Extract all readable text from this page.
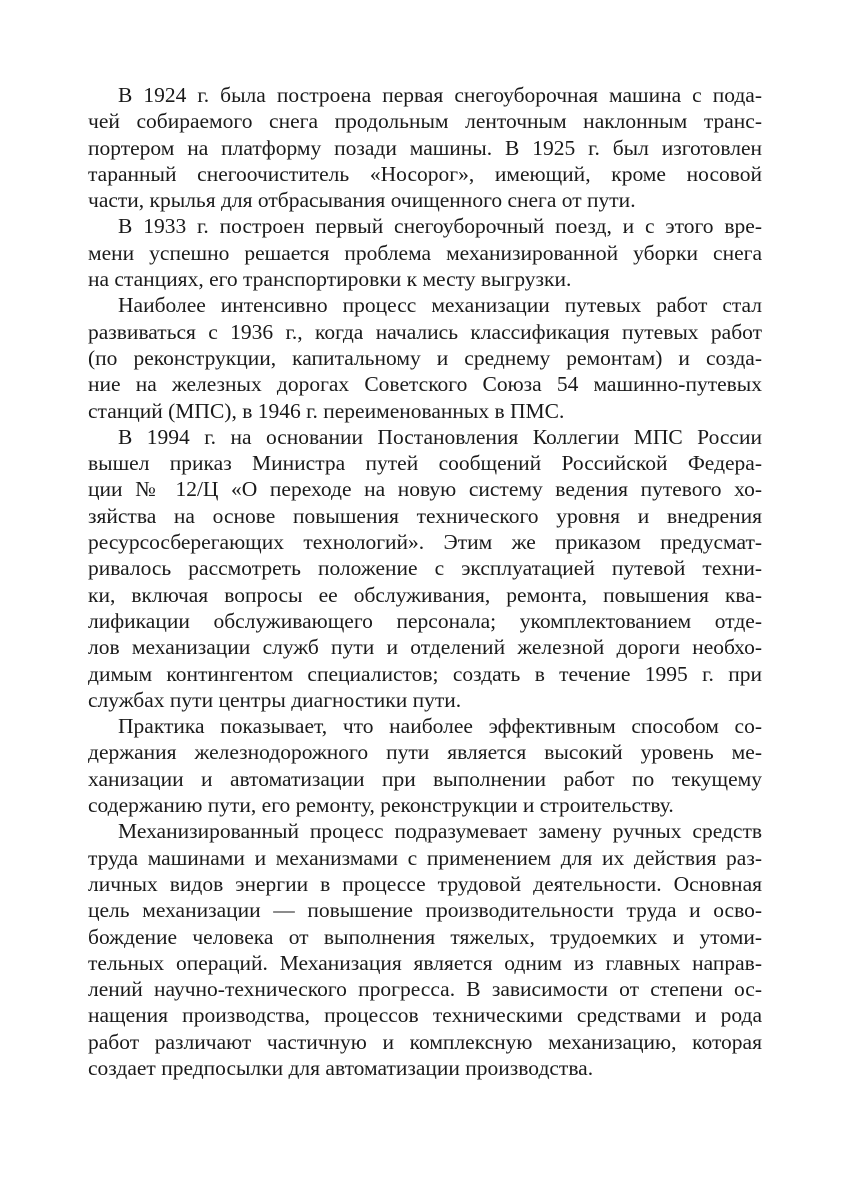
В 1924 г. была построена первая снегоуборочная машина с пода-
чей собираемого снега продольным ленточным наклонным транс-
портером на платформу позади машины. В 1925 г. был изготовлен
таранный снегоочиститель «Носорог», имеющий, кроме носовой
части, крылья для отбрасывания очищенного снега от пути.

В 1933 г. построен первый снегоуборочный поезд, и с этого вре-
мени успешно решается проблема механизированной уборки снега
на станциях, его транспортировки к месту выгрузки.

Наиболее интенсивно процесс механизации путевых работ стал
развиваться с 1936 г., когда начались классификация путевых работ
(по реконструкции, капитальному и среднему ремонтам) и созда-
ние на железных дорогах Советского Союза 54 машинно-путевых
станций (МПС), в 1946 г. переименованных в ПМС.

В 1994 г. на основании Постановления Коллегии МПС России
вышел приказ Министра путей сообщений Российской Федера-
ции № 12/Ц «О переходе на новую систему ведения путевого хо-
зяйства на основе повышения технического уровня и внедрения
ресурсосберегающих технологий». Этим же приказом предусмат-
ривалось рассмотреть положение с эксплуатацией путевой техни-
ки, включая вопросы ее обслуживания, ремонта, повышения ква-
лификации обслуживающего персонала; укомплектованием отде-
лов механизации служб пути и отделений железной дороги необхо-
димым контингентом специалистов; создать в течение 1995 г. при
службах пути центры диагностики пути.

Практика показывает, что наиболее эффективным способом со-
держания железнодорожного пути является высокий уровень ме-
ханизации и автоматизации при выполнении работ по текущему
содержанию пути, его ремонту, реконструкции и строительству.

Механизированный процесс подразумевает замену ручных средств
труда машинами и механизмами с применением для их действия раз-
личных видов энергии в процессе трудовой деятельности. Основная
цель механизации — повышение производительности труда и осво-
бождение человека от выполнения тяжелых, трудоемких и утоми-
тельных операций. Механизация является одним из главных направ-
лений научно-технического прогресса. В зависимости от степени ос-
нащения производства, процессов техническими средствами и рода
работ различают частичную и комплексную механизацию, которая
создает предпосылки для автоматизации производства.
